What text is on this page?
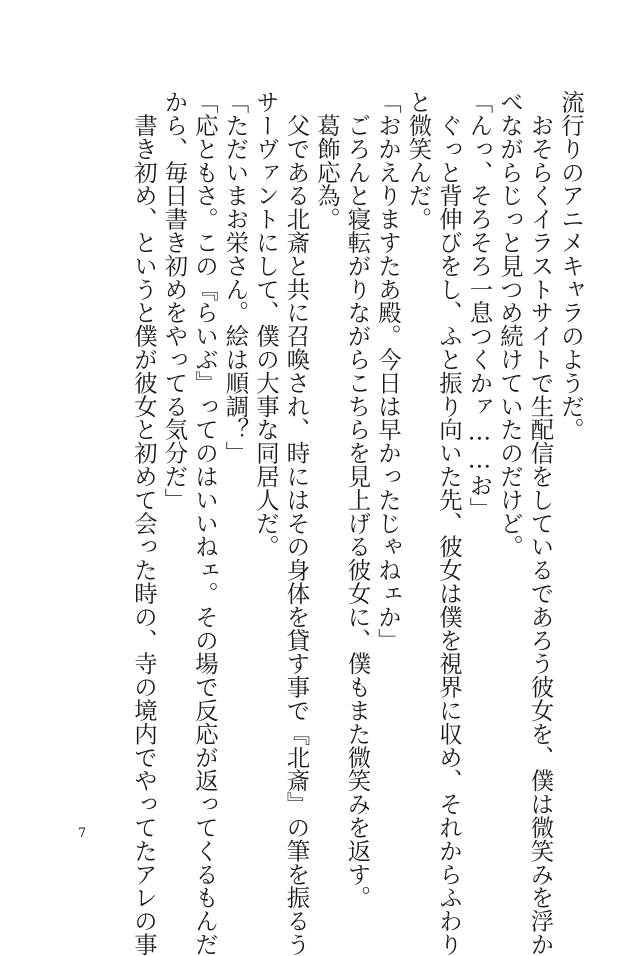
流行りのアニメキャラのようだ。
　おそらくイラストサイトで生配信をしているであろう彼女を、僕は微笑みを浮か
べながらじっと見つめ続けていたのだけど。
「んっ、そろそろ一息つくかァ……お」
　ぐっと背伸びをし、ふと振り向いた先、彼女は僕を視界に収め、それからふわり
と微笑んだ。
「おかえりますたあ殿。今日は早かったじゃねェか」
　ごろんと寝転がりながらこちらを見上げる彼女に、僕もまた微笑みを返す。
　葛飾応為。
　父である北斎と共に召喚され、時にはその身体を貸す事で『北斎』の筆を振るう
サーヴァントにして、僕の大事な同居人だ。
「ただいまお栄さん。絵は順調？」
「応ともさ。この『らいぶ』ってのはいいねェ。その場で反応が返ってくるもんだ
から、毎日書き初めをやってる気分だ」
　書き初め、というと僕が彼女と初めて会った時の、寺の境内でやってたアレの事
7
